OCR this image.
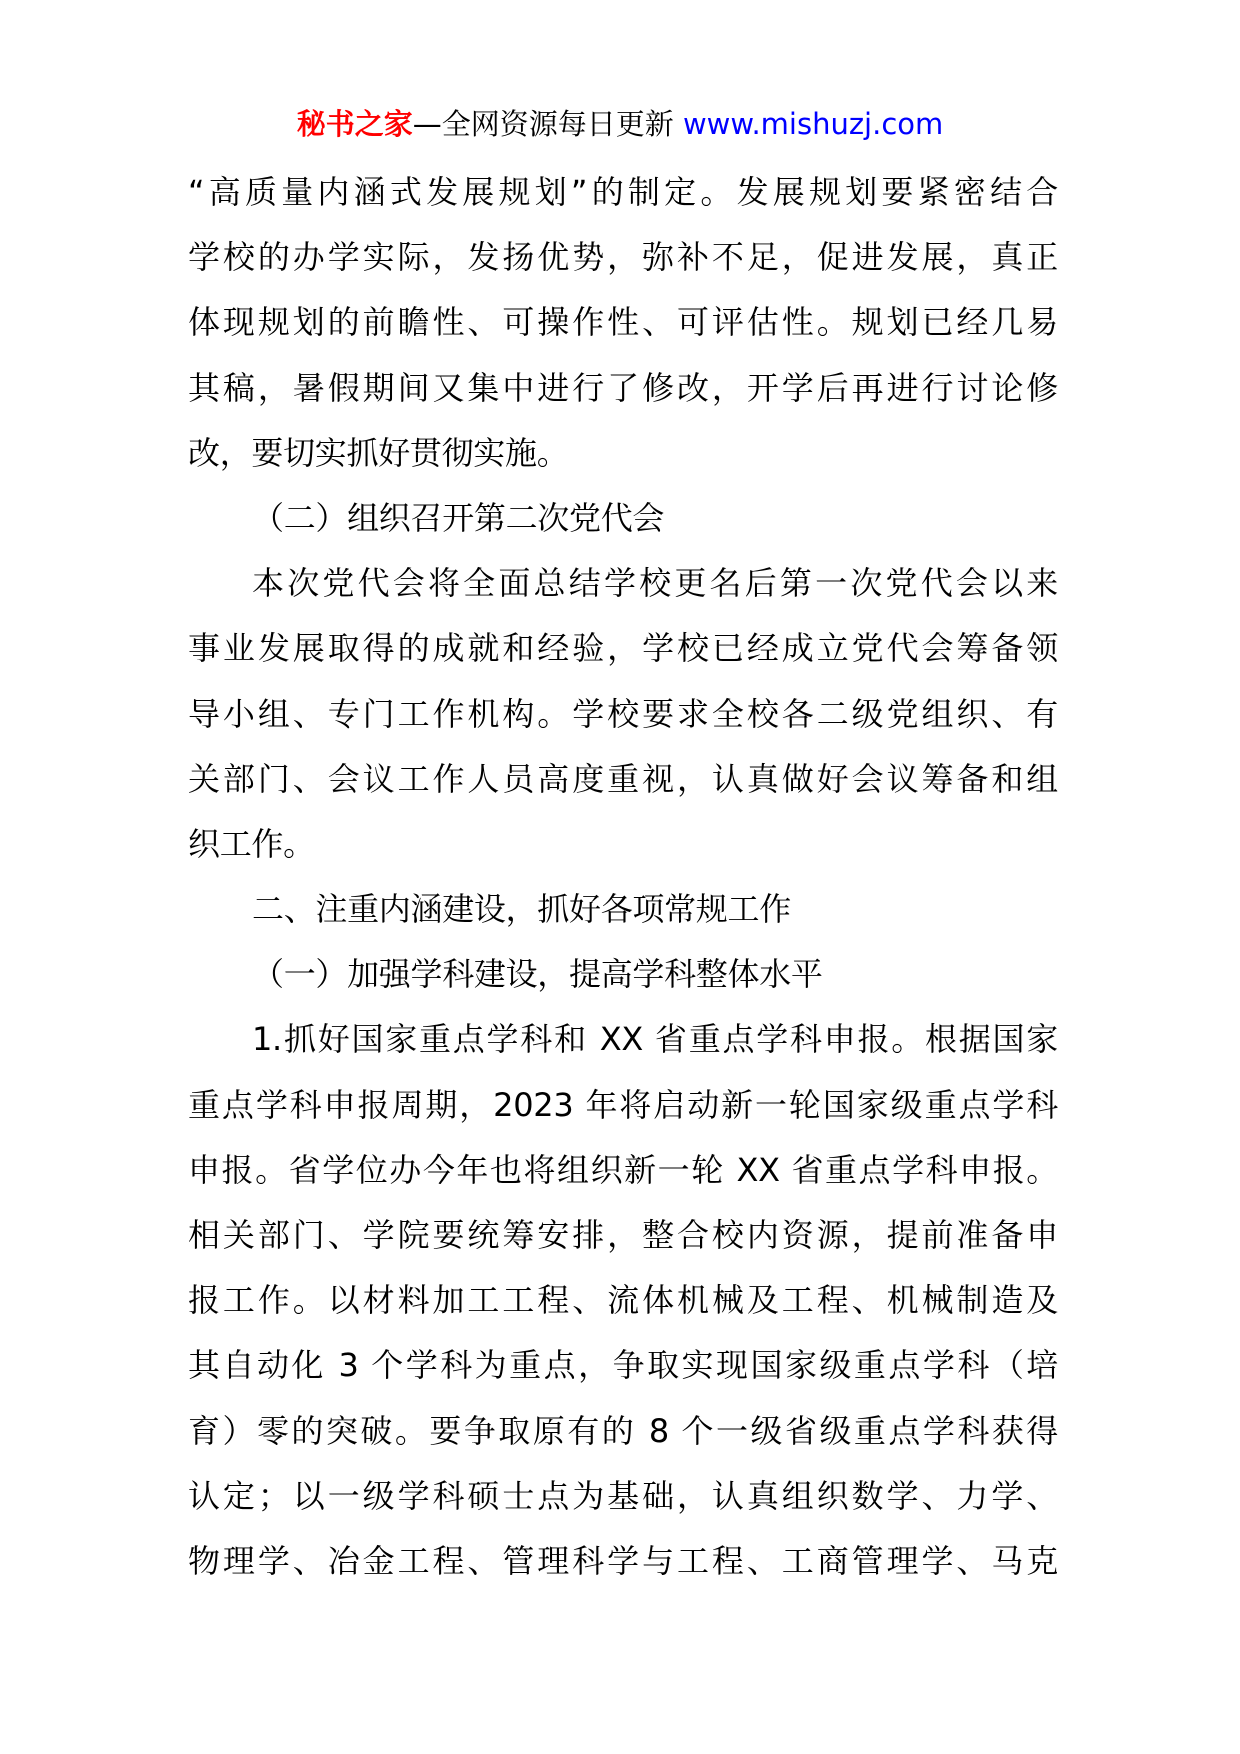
秘书之家—全网资源每日更新 www.mishuzj.com
“高质量内涵式发展规划”的制定。发展规划要紧密结合
学校的办学实际，发扬优势，弥补不足，促进发展，真正
体现规划的前瞻性、可操作性、可评估性。规划已经几易
其稿，暑假期间又集中进行了修改，开学后再进行讨论修
改，要切实抓好贯彻实施。
（二）组织召开第二次党代会
本次党代会将全面总结学校更名后第一次党代会以来
事业发展取得的成就和经验，学校已经成立党代会筹备领
导小组、专门工作机构。学校要求全校各二级党组织、有
关部门、会议工作人员高度重视，认真做好会议筹备和组
织工作。
二、注重内涵建设，抓好各项常规工作
（一）加强学科建设，提高学科整体水平
1.抓好国家重点学科和 XX 省重点学科申报。根据国家
重点学科申报周期，2023 年将启动新一轮国家级重点学科
申报。省学位办今年也将组织新一轮 XX 省重点学科申报。
相关部门、学院要统筹安排，整合校内资源，提前准备申
报工作。以材料加工工程、流体机械及工程、机械制造及
其自动化 3 个学科为重点，争取实现国家级重点学科（培
育）零的突破。要争取原有的 8 个一级省级重点学科获得
认定；以一级学科硕士点为基础，认真组织数学、力学、
物理学、冶金工程、管理科学与工程、工商管理学、马克
